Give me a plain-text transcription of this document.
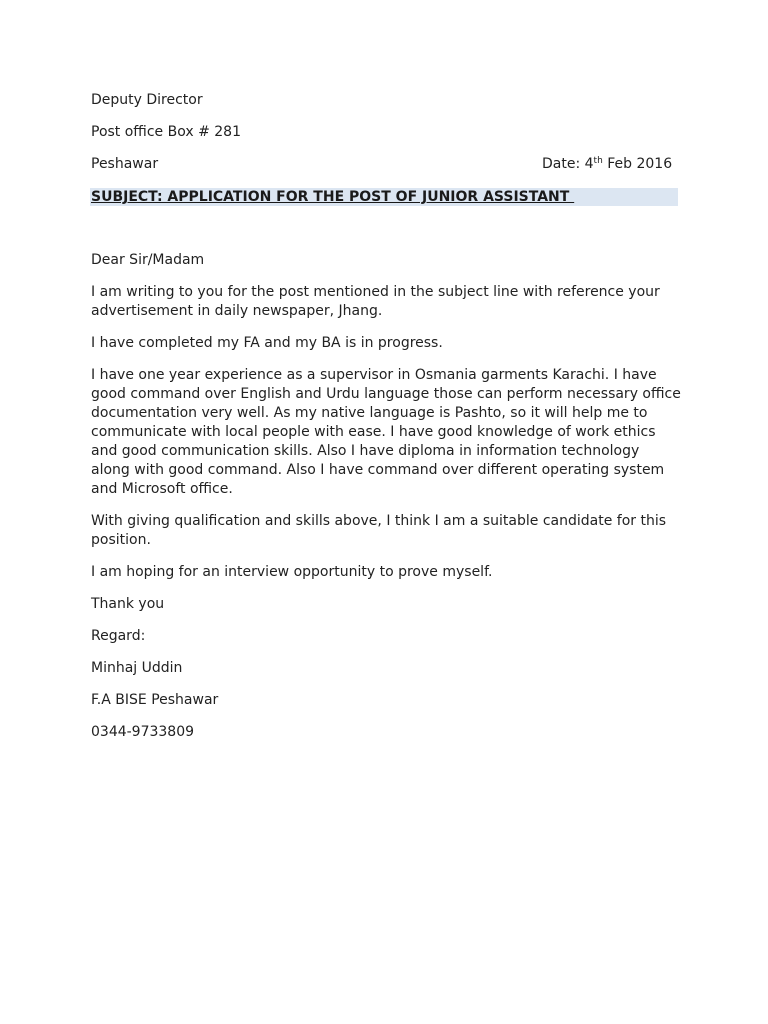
Deputy Director
Post office Box # 281
Peshawar	Date: 4th Feb 2016
SUBJECT: APPLICATION FOR THE POST OF JUNIOR ASSISTANT
Dear Sir/Madam
I am writing to you for the post mentioned in the subject line with reference your advertisement in daily newspaper, Jhang.
I have completed my FA and my BA is in progress.
I have one year experience as a supervisor in Osmania garments Karachi. I have good command over English and Urdu language those can perform necessary office documentation very well. As my native language is Pashto, so it will help me to communicate with local people with ease. I have good knowledge of work ethics and good communication skills. Also I have diploma in information technology along with good command. Also I have command over different operating system and Microsoft office.
With giving qualification and skills above, I think I am a suitable candidate for this position.
I am hoping for an interview opportunity to prove myself.
Thank you
Regard:
Minhaj Uddin
F.A BISE Peshawar
0344-9733809
